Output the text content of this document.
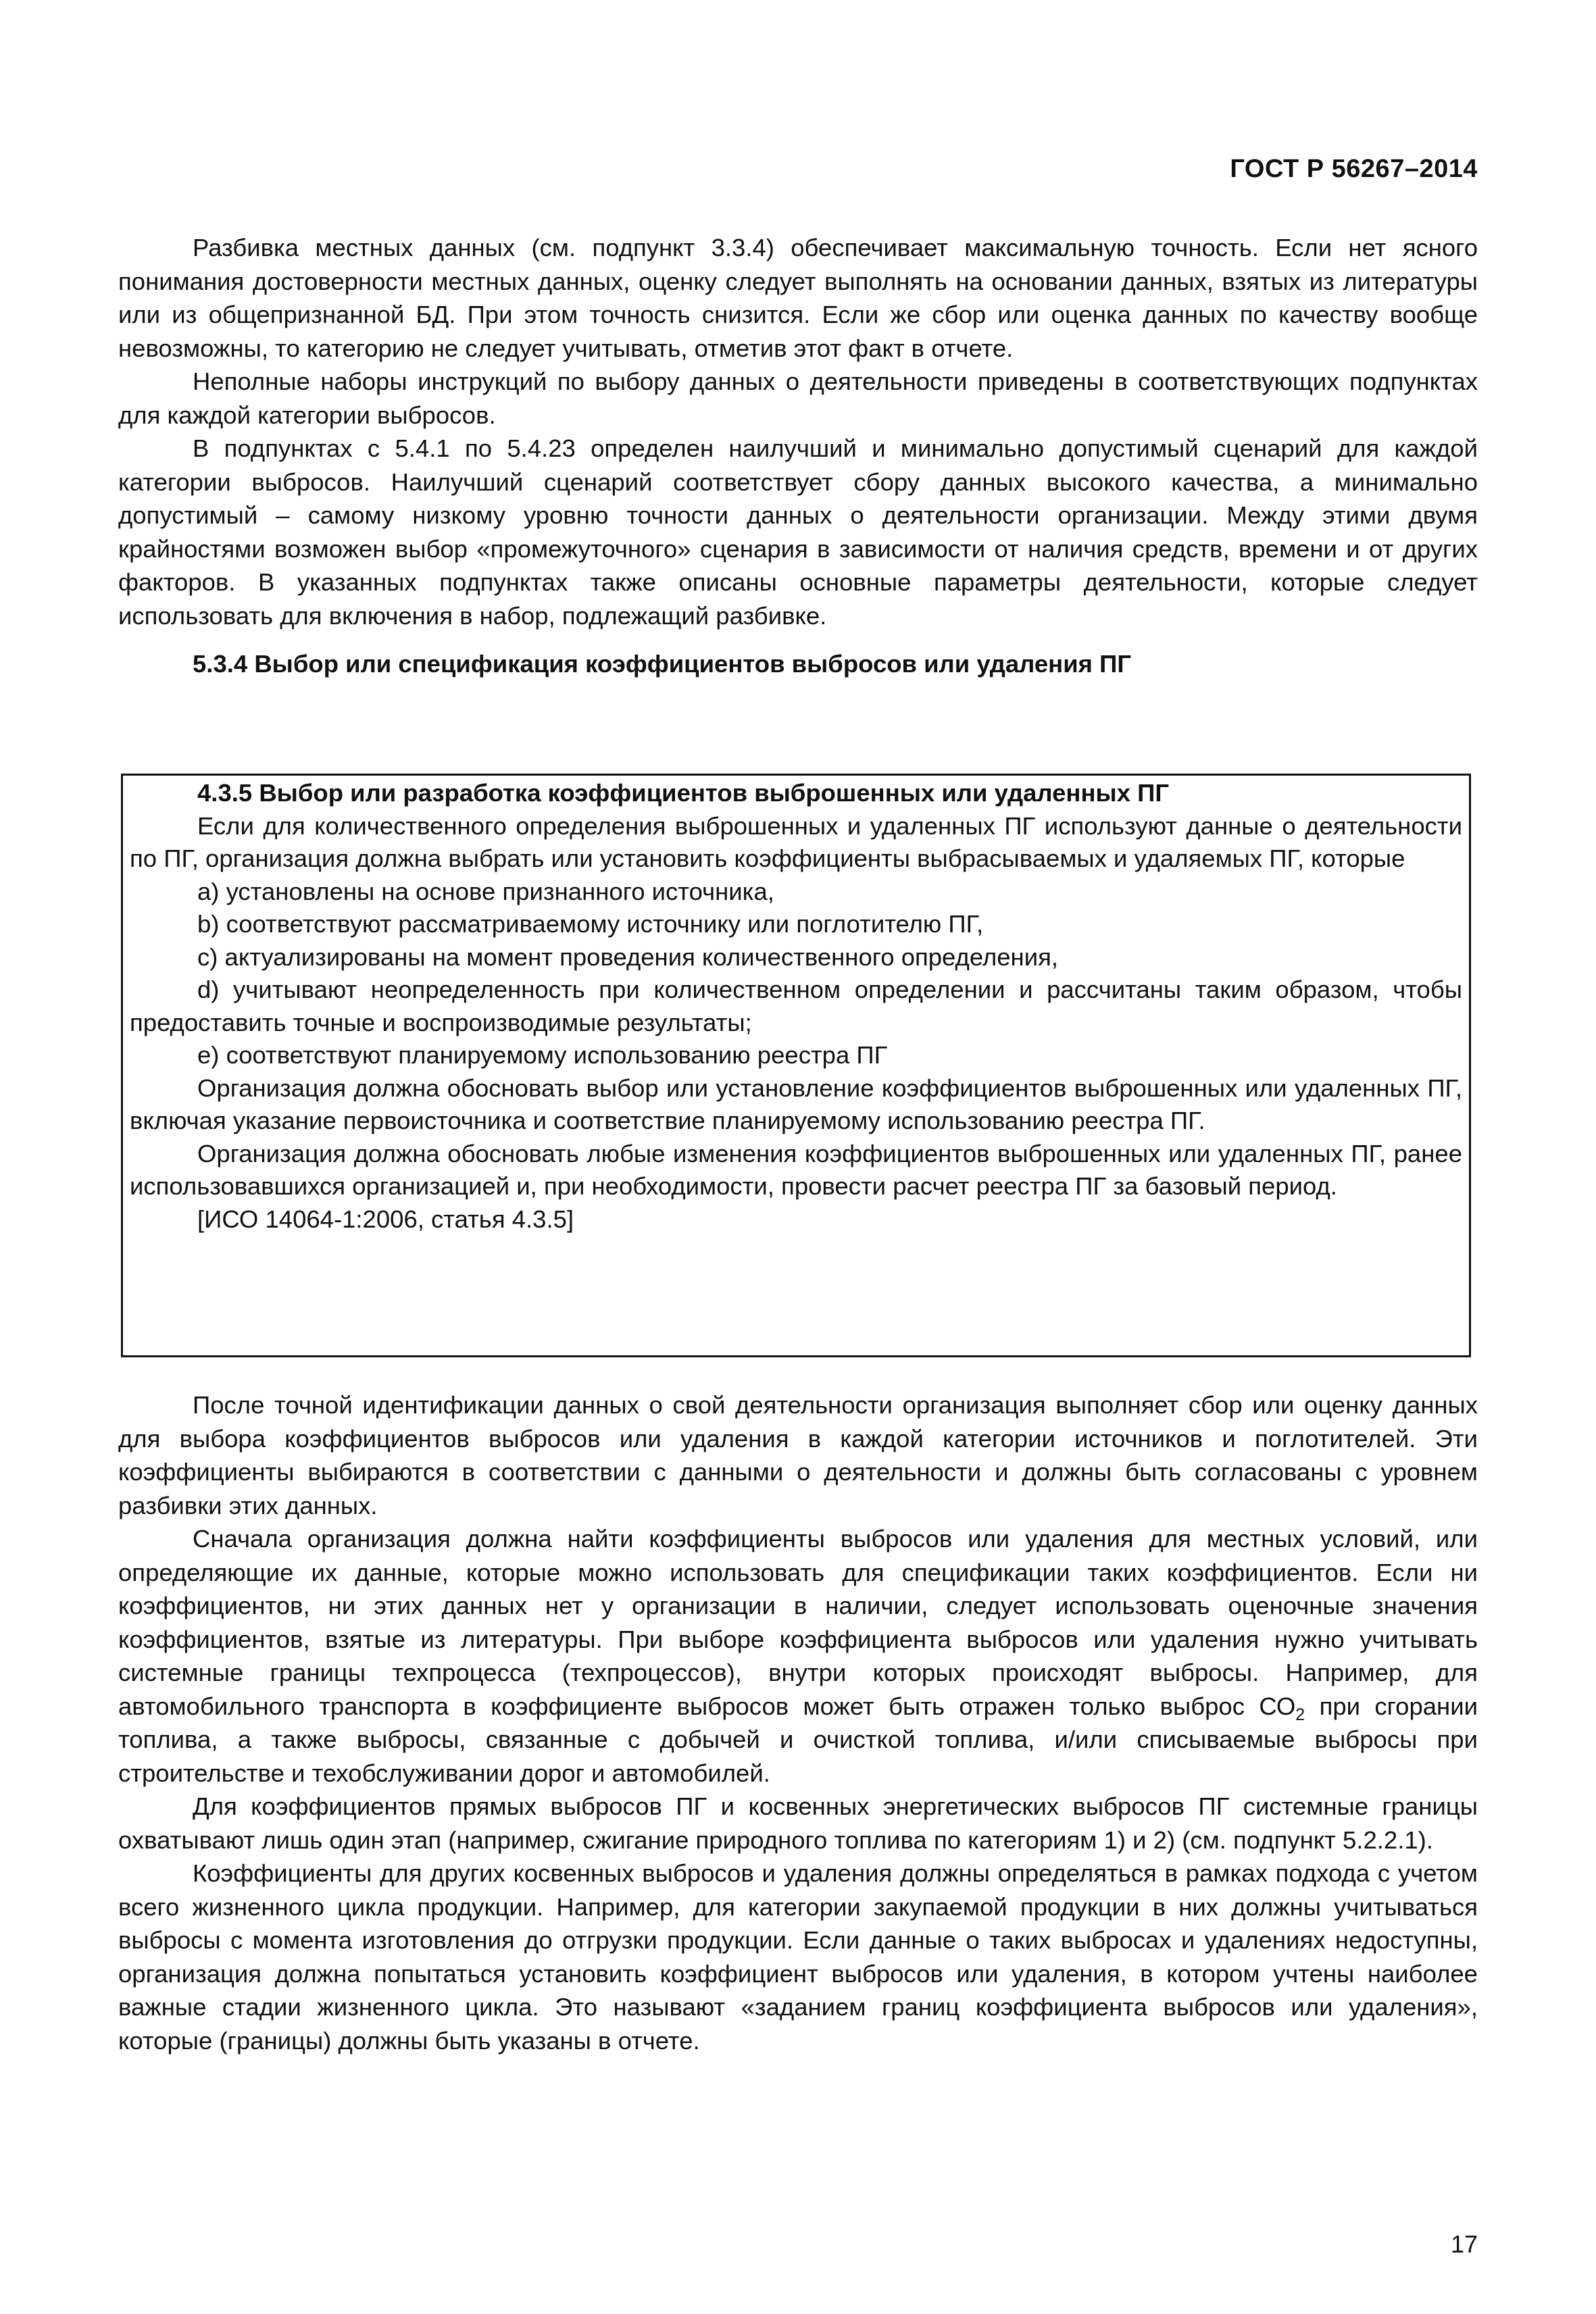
ГОСТ Р 56267–2014

Разбивка местных данных (см. подпункт 3.3.4) обеспечивает максимальную точность. Если нет ясного понимания достоверности местных данных, оценку следует выполнять на основании данных, взятых из литературы или из общепризнанной БД. При этом точность снизится. Если же сбор или оценка данных по качеству вообще невозможны, то категорию не следует учитывать, отметив этот факт в отчете.

Неполные наборы инструкций по выбору данных о деятельности приведены в соответствующих подпунктах для каждой категории выбросов.

В подпунктах с 5.4.1 по 5.4.23 определен наилучший и минимально допустимый сценарий для каждой категории выбросов. Наилучший сценарий соответствует сбору данных высокого качества, а минимально допустимый – самому низкому уровню точности данных о деятельности организации. Между этими двумя крайностями возможен выбор «промежуточного» сценария в зависимости от наличия средств, времени и от других факторов. В указанных подпунктах также описаны основные параметры деятельности, которые следует использовать для включения в набор, подлежащий разбивке.

5.3.4 Выбор или спецификация коэффициентов выбросов или удаления ПГ

4.3.5 Выбор или разработка коэффициентов выброшенных или удаленных ПГ

Если для количественного определения выброшенных и удаленных ПГ используют данные о деятельности по ПГ, организация должна выбрать или установить коэффициенты выбрасываемых и удаляемых ПГ, которые

a) установлены на основе признанного источника,

b) соответствуют рассматриваемому источнику или поглотителю ПГ,

c) актуализированы на момент проведения количественного определения,

d) учитывают неопределенность при количественном определении и рассчитаны таким образом, чтобы предоставить точные и воспроизводимые результаты;

e) соответствуют планируемому использованию реестра ПГ

Организация должна обосновать выбор или установление коэффициентов выброшенных или удаленных ПГ, включая указание первоисточника и соответствие планируемому использованию реестра ПГ.

Организация должна обосновать любые изменения коэффициентов выброшенных или удаленных ПГ, ранее использовавшихся организацией и, при необходимости, провести расчет реестра ПГ за базовый период.

[ИСО 14064-1:2006, статья 4.3.5]

После точной идентификации данных о свой деятельности организация выполняет сбор или оценку данных для выбора коэффициентов выбросов или удаления в каждой категории источников и поглотителей. Эти коэффициенты выбираются в соответствии с данными о деятельности и должны быть согласованы с уровнем разбивки этих данных.

Сначала организация должна найти коэффициенты выбросов или удаления для местных условий, или определяющие их данные, которые можно использовать для спецификации таких коэффициентов. Если ни коэффициентов, ни этих данных нет у организации в наличии, следует использовать оценочные значения коэффициентов, взятые из литературы. При выборе коэффициента выбросов или удаления нужно учитывать системные границы техпроцесса (техпроцессов), внутри которых происходят выбросы. Например, для автомобильного транспорта в коэффициенте выбросов может быть отражен только выброс $СО_2$ при сгорании топлива, а также выбросы, связанные с добычей и очисткой топлива, и/или списываемые выбросы при строительстве и техобслуживании дорог и автомобилей.

Для коэффициентов прямых выбросов ПГ и косвенных энергетических выбросов ПГ системные границы охватывают лишь один этап (например, сжигание природного топлива по категориям 1) и 2) (см. подпункт 5.2.2.1).

Коэффициенты для других косвенных выбросов и удаления должны определяться в рамках подхода с учетом всего жизненного цикла продукции. Например, для категории закупаемой продукции в них должны учитываться выбросы с момента изготовления до отгрузки продукции. Если данные о таких выбросах и удалениях недоступны, организация должна попытаться установить коэффициент выбросов или удаления, в котором учтены наиболее важные стадии жизненного цикла. Это называют «заданием границ коэффициента выбросов или удаления», которые (границы) должны быть указаны в отчете.

17
